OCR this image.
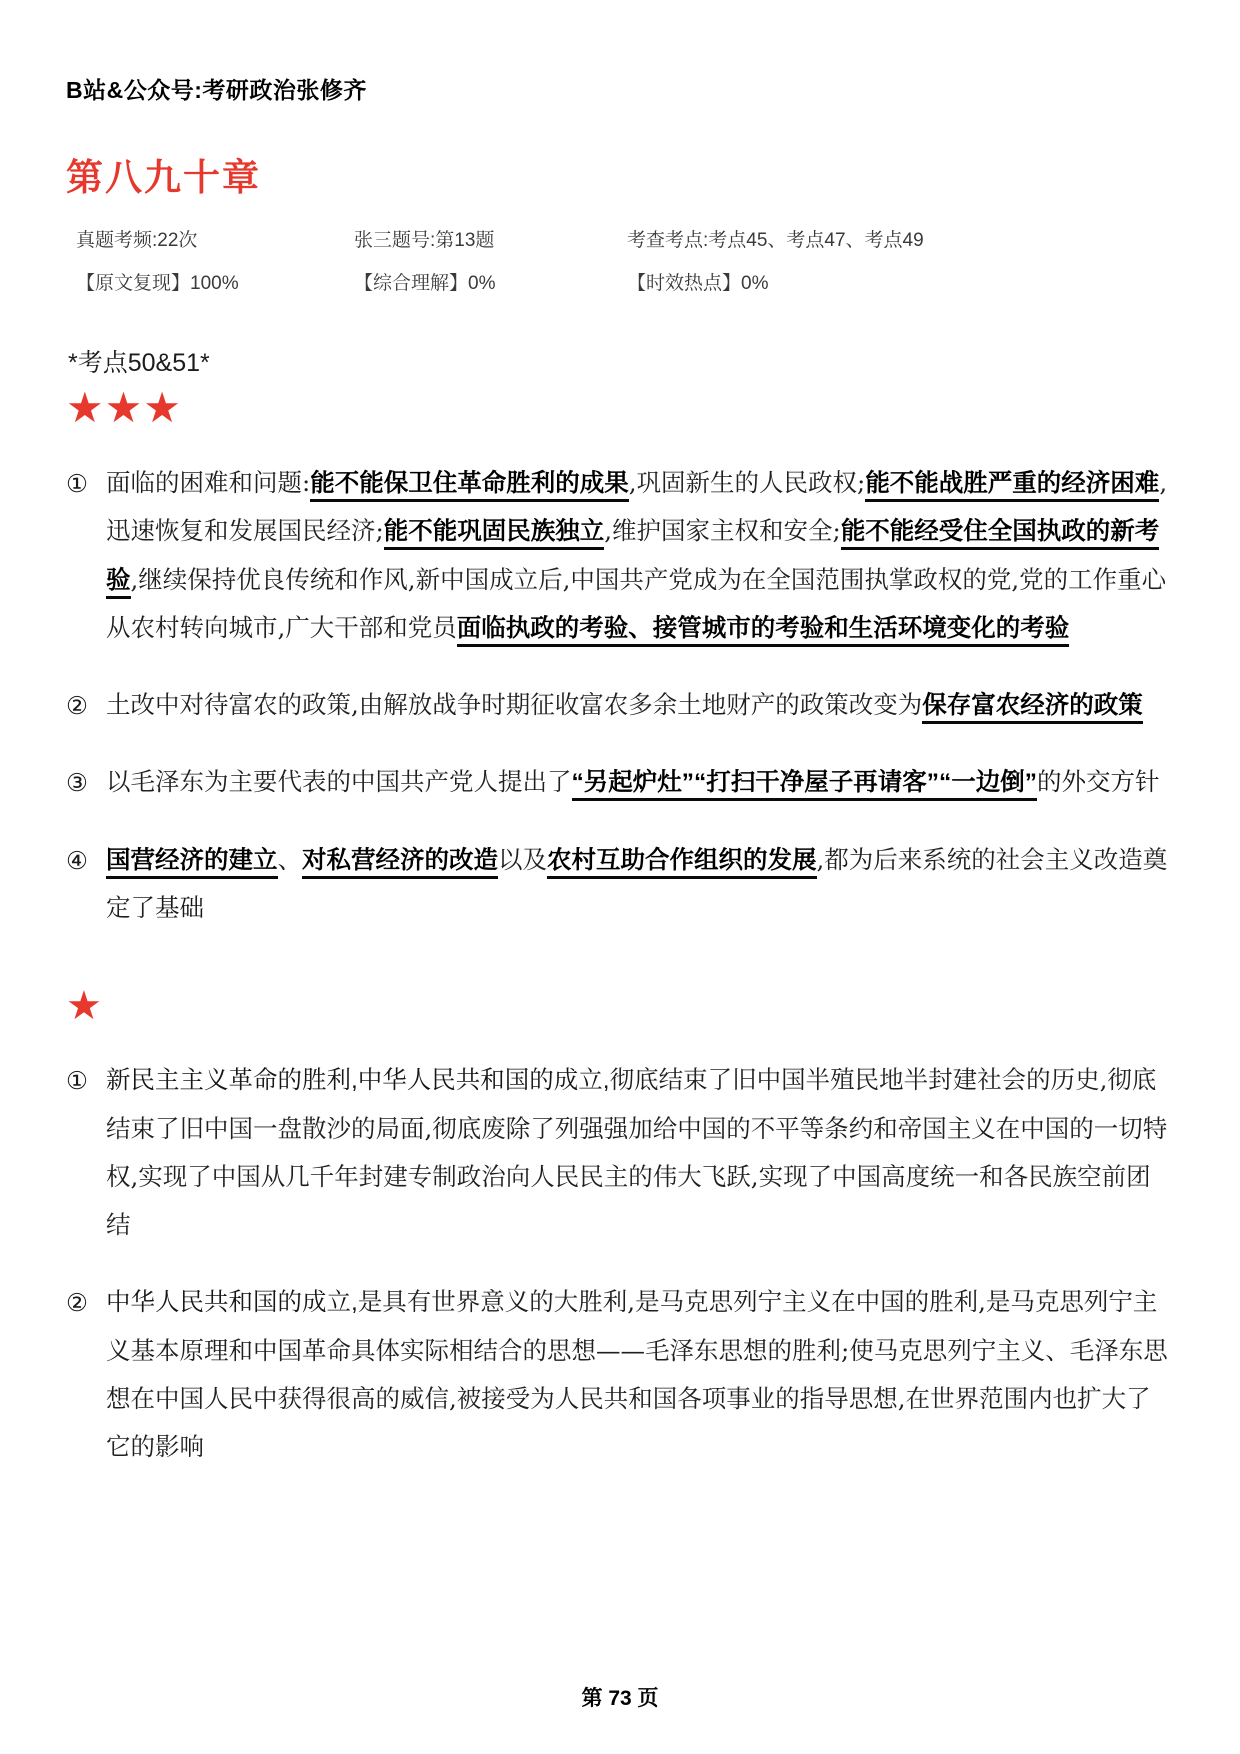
B站&公众号:考研政治张修齐
第八九十章
真题考频:22次	张三题号:第13题	考查考点:考点45、考点47、考点49
【原文复现】100%	【综合理解】0%	【时效热点】0%
*考点50&51*
★★★
① 面临的困难和问题:能不能保卫住革命胜利的成果,巩固新生的人民政权;能不能战胜严重的经济困难,迅速恢复和发展国民经济;能不能巩固民族独立,维护国家主权和安全;能不能经受住全国执政的新考验,继续保持优良传统和作风,新中国成立后,中国共产党成为在全国范围执掌政权的党,党的工作重心从农村转向城市,广大干部和党员面临执政的考验、接管城市的考验和生活环境变化的考验
② 土改中对待富农的政策,由解放战争时期征收富农多余土地财产的政策改变为保存富农经济的政策
③ 以毛泽东为主要代表的中国共产党人提出了“另起炉灶”“打扫干净屋子再请客”“一边倒”的外交方针
④ 国营经济的建立、对私营经济的改造以及农村互助合作组织的发展,都为后来系统的社会主义改造奠定了基础
★
① 新民主主义革命的胜利,中华人民共和国的成立,彻底结束了旧中国半殖民地半封建社会的历史,彻底结束了旧中国一盘散沙的局面,彻底废除了列强强加给中国的不平等条约和帝国主义在中国的一切特权,实现了中国从几千年封建专制政治向人民民主的伟大飞跃,实现了中国高度统一和各民族空前团结
② 中华人民共和国的成立,是具有世界意义的大胜利,是马克思列宁主义在中国的胜利,是马克思列宁主义基本原理和中国革命具体实际相结合的思想——毛泽东思想的胜利;使马克思列宁主义、毛泽东思想在中国人民中获得很高的威信,被接受为人民共和国各项事业的指导思想,在世界范围内也扩大了它的影响
第 73 页
